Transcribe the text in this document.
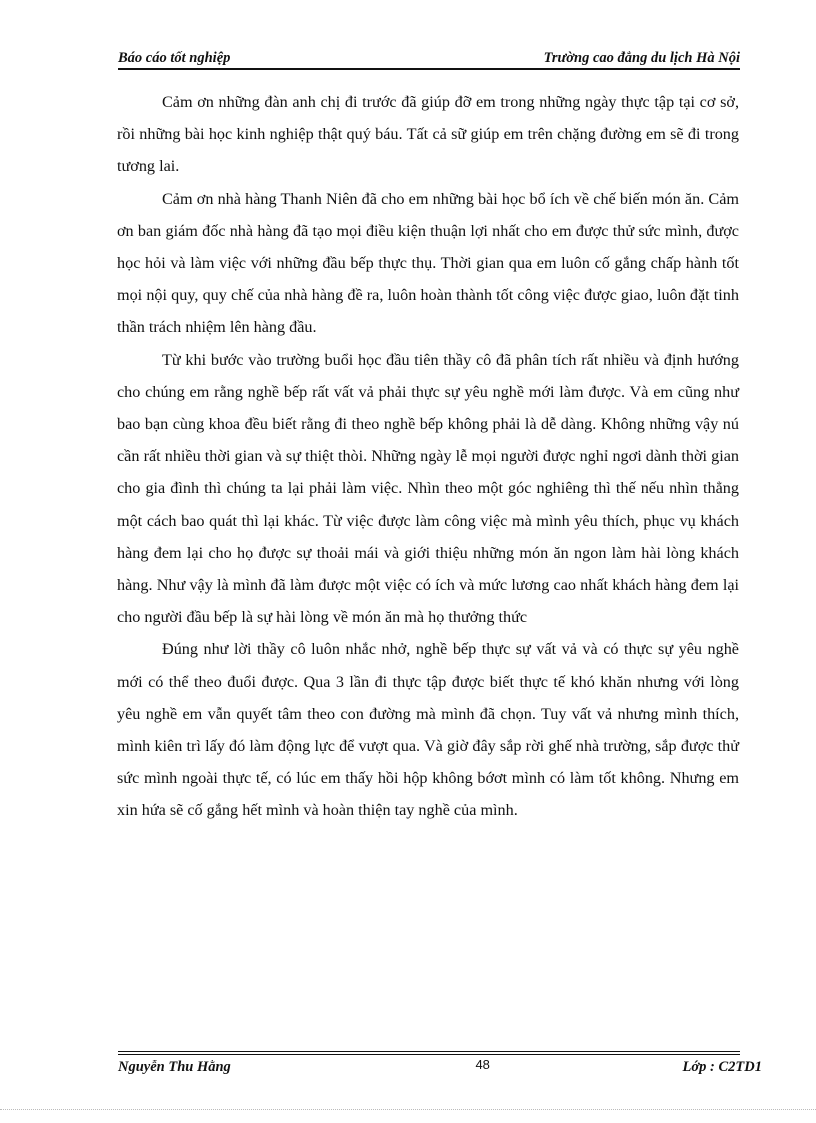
Báo cáo tốt nghiệp	Trường cao đẳng du lịch Hà Nội

Cảm ơn những đàn anh chị đi trước đã giúp đỡ em trong những ngày thực tập tại cơ sở, rồi những bài học kinh nghiệp thật quý báu. Tất cả sữ giúp em trên chặng đường em sẽ đi trong tương lai.

Cảm ơn nhà hàng Thanh Niên đã cho em những bài học bổ ích về chế biến món ăn. Cảm ơn ban giám đốc nhà hàng đã tạo mọi điều kiện thuận lợi nhất cho em được thử sức mình, được học hỏi và làm việc với những đầu bếp thực thụ. Thời gian qua em luôn cố gắng chấp hành tốt mọi nội quy, quy chế của nhà hàng đề ra, luôn hoàn thành tốt công việc được giao, luôn đặt tinh thần trách nhiệm lên hàng đầu.

Từ khi bước vào trường buổi học đầu tiên thầy cô đã phân tích rất nhiều và định hướng cho chúng em rằng nghề bếp rất vất vả phải thực sự yêu nghề mới làm được. Và em cũng như bao bạn cùng khoa đều biết rằng đi theo nghề bếp không phải là dễ dàng. Không những vậy nú cần rất nhiều thời gian và sự thiệt thòi. Những ngày lễ mọi người được nghỉ ngơi dành thời gian cho gia đình thì chúng ta lại phải làm việc. Nhìn theo một góc nghiêng thì thế nếu nhìn thẳng một cách bao quát thì lại khác. Từ việc được làm công việc mà mình yêu thích, phục vụ khách hàng đem lại cho họ được sự thoải mái và giới thiệu những món ăn ngon làm hài lòng khách hàng. Như vậy là mình đã làm được một việc có ích và mức lương cao nhất khách hàng đem lại cho người đầu bếp là sự hài lòng về món ăn mà họ thưởng thức

Đúng như lời thầy cô luôn nhắc nhở, nghề bếp thực sự vất vả và có thực sự yêu nghề mới có thể theo đuổi được. Qua 3 lần đi thực tập được biết thực tế khó khăn nhưng với lòng yêu nghề em vẫn quyết tâm theo con đường mà mình đã chọn. Tuy vất vả nhưng mình thích, mình kiên trì lấy đó làm động lực để vượt qua. Và giờ đây sắp rời ghế nhà trường, sắp được thử sức mình ngoài thực tế, có lúc em thấy hồi hộp không bớơt mình có làm tốt không. Nhưng em xin hứa sẽ cố gắng hết mình và hoàn thiện tay nghề của mình.

Nguyễn Thu Hằng	48	Lớp : C2TD1
